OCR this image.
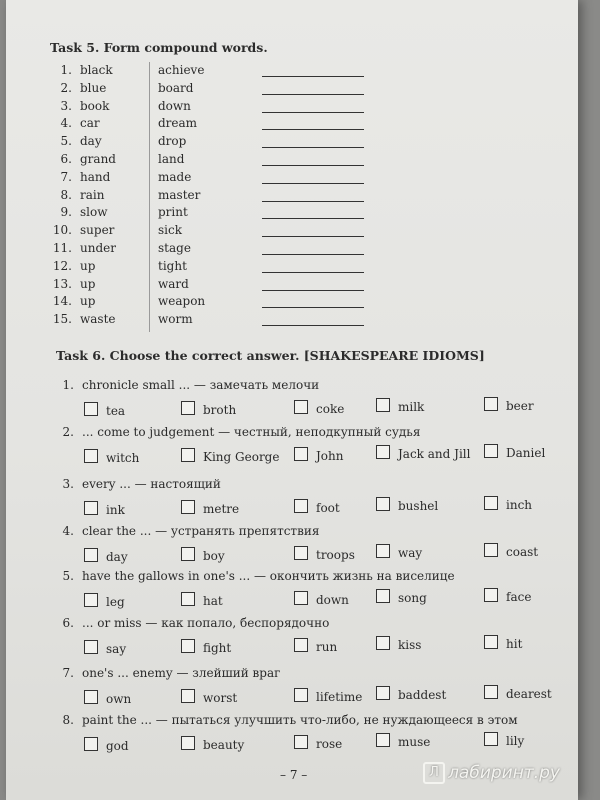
Task 5. Form compound words.
1. black	achieve
2. blue	board
3. book	down
4. car	dream
5. day	drop
6. grand	land
7. hand	made
8. rain	master
9. slow	print
10. super	sick
11. under	stage
12. up	tight
13. up	ward
14. up	weapon
15. waste	worm
Task 6. Choose the correct answer. [SHAKESPEARE IDIOMS]
1. chronicle small ... — замечать мелочи
tea	broth	coke	milk	beer
2. ... come to judgement — честный, неподкупный судья
witch	King George	John	Jack and Jill	Daniel
3. every ... — настоящий
ink	metre	foot	bushel	inch
4. clear the ... — устранять препятствия
day	boy	troops	way	coast
5. have the gallows in one's ... — окончить жизнь на виселице
leg	hat	down	song	face
6. ... or miss — как попало, беспорядочно
say	fight	run	kiss	hit
7. one's ... enemy — злейший враг
own	worst	lifetime	baddest	dearest
8. paint the ... — пытаться улучшить что-либо, не нуждающееся в этом
god	beauty	rose	muse	lily
– 7 –	Л лабиринт.ру
